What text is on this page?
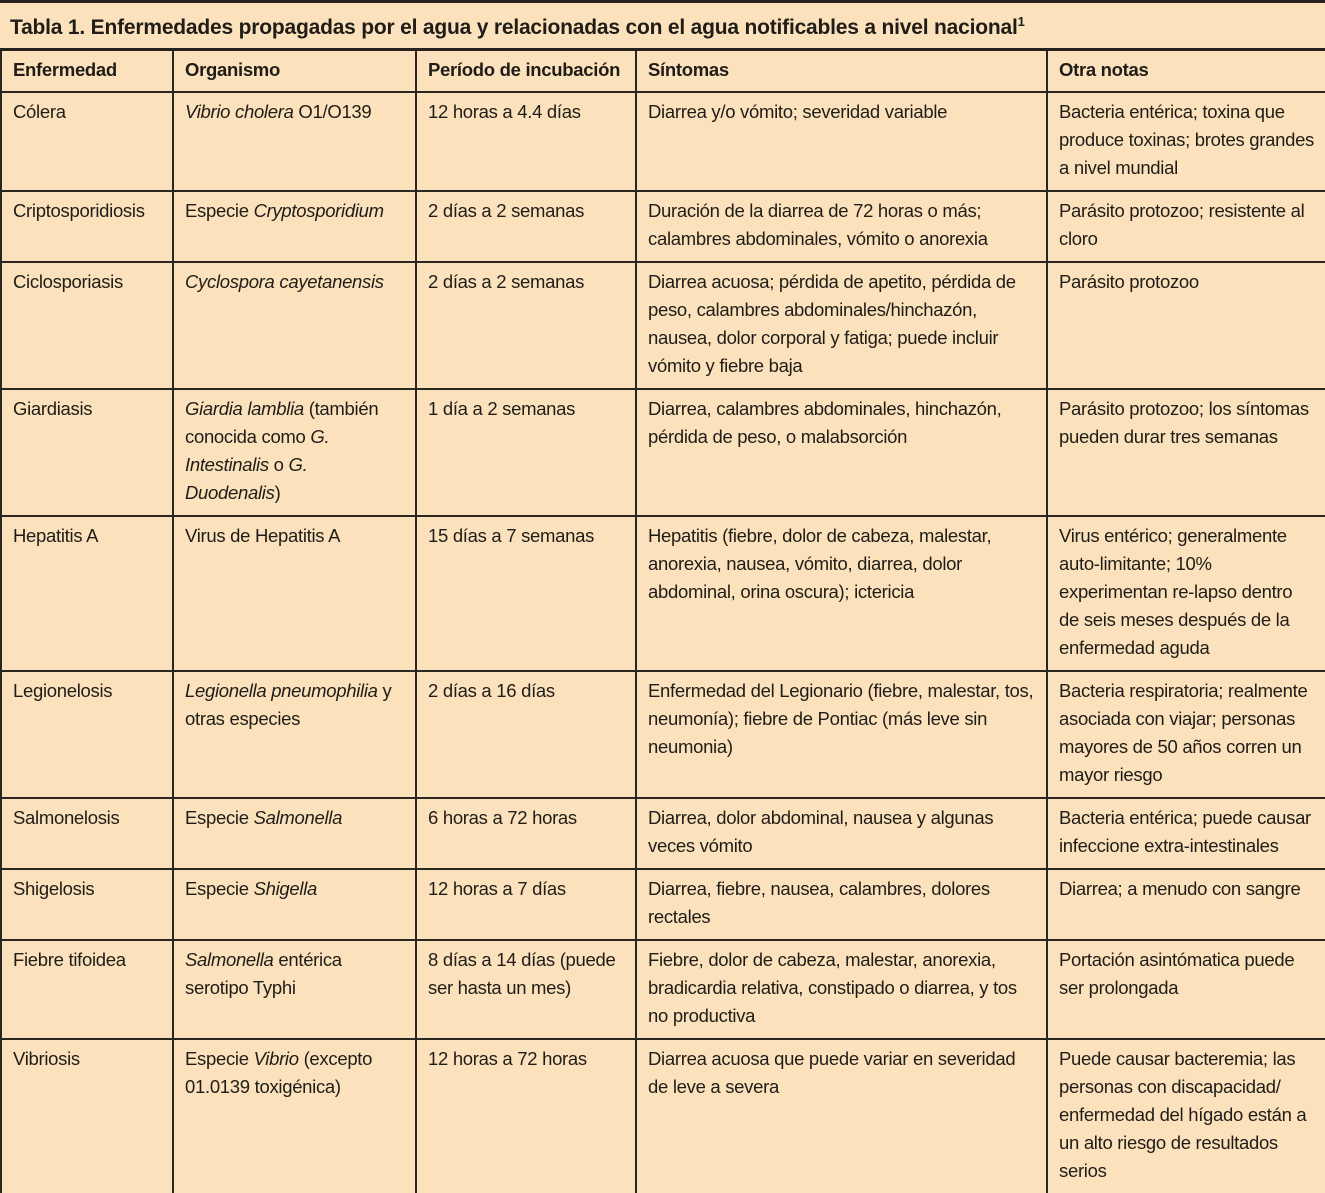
Tabla 1. Enfermedades propagadas por el agua y relacionadas con el agua notificables a nivel nacional$^1$
Enfermedad	Organismo	Período de incubación	Síntomas	Otra notas
Cólera	Vibrio cholera O1/O139	12 horas a 4.4 días	Diarrea y/o vómito; severidad variable	Bacteria entérica; toxina que produce toxinas; brotes grandes a nivel mundial
Criptosporidiosis	Especie Cryptosporidium	2 días a 2 semanas	Duración de la diarrea de 72 horas o más; calambres abdominales, vómito o anorexia	Parásito protozoo; resistente al cloro
Ciclosporiasis	Cyclospora cayetanensis	2 días a 2 semanas	Diarrea acuosa; pérdida de apetito, pérdida de peso, calambres abdominales/hinchazón, nausea, dolor corporal y fatiga; puede incluir vómito y fiebre baja	Parásito protozoo
Giardiasis	Giardia lamblia (también conocida como G. Intestinalis o G. Duodenalis)	1 día a 2 semanas	Diarrea, calambres abdominales, hinchazón, pérdida de peso, o malabsorción	Parásito protozoo; los síntomas pueden durar tres semanas
Hepatitis A	Virus de Hepatitis A	15 días a 7 semanas	Hepatitis (fiebre, dolor de cabeza, malestar, anorexia, nausea, vómito, diarrea, dolor abdominal, orina oscura); ictericia	Virus entérico; generalmente auto-limitante; 10% experimentan re-lapso dentro de seis meses después de la enfermedad aguda
Legionelosis	Legionella pneumophilia y otras especies	2 días a 16 días	Enfermedad del Legionario (fiebre, malestar, tos, neumonía); fiebre de Pontiac (más leve sin neumonia)	Bacteria respiratoria; realmente asociada con viajar; personas mayores de 50 años corren un mayor riesgo
Salmonelosis	Especie Salmonella	6 horas a 72 horas	Diarrea, dolor abdominal, nausea y algunas veces vómito	Bacteria entérica; puede causar infeccione extra-intestinales
Shigelosis	Especie Shigella	12 horas a 7 días	Diarrea, fiebre, nausea, calambres, dolores rectales	Diarrea; a menudo con sangre
Fiebre tifoidea	Salmonella entérica serotipo Typhi	8 días a 14 días (puede ser hasta un mes)	Fiebre, dolor de cabeza, malestar, anorexia, bradicardia relativa, constipado o diarrea, y tos no productiva	Portación asintómatica puede ser prolongada
Vibriosis	Especie Vibrio (excepto 01.0139 toxigénica)	12 horas a 72 horas	Diarrea acuosa que puede variar en severidad de leve a severa	Puede causar bacteremia; las personas con discapacidad/ enfermedad del hígado están a un alto riesgo de resultados serios
